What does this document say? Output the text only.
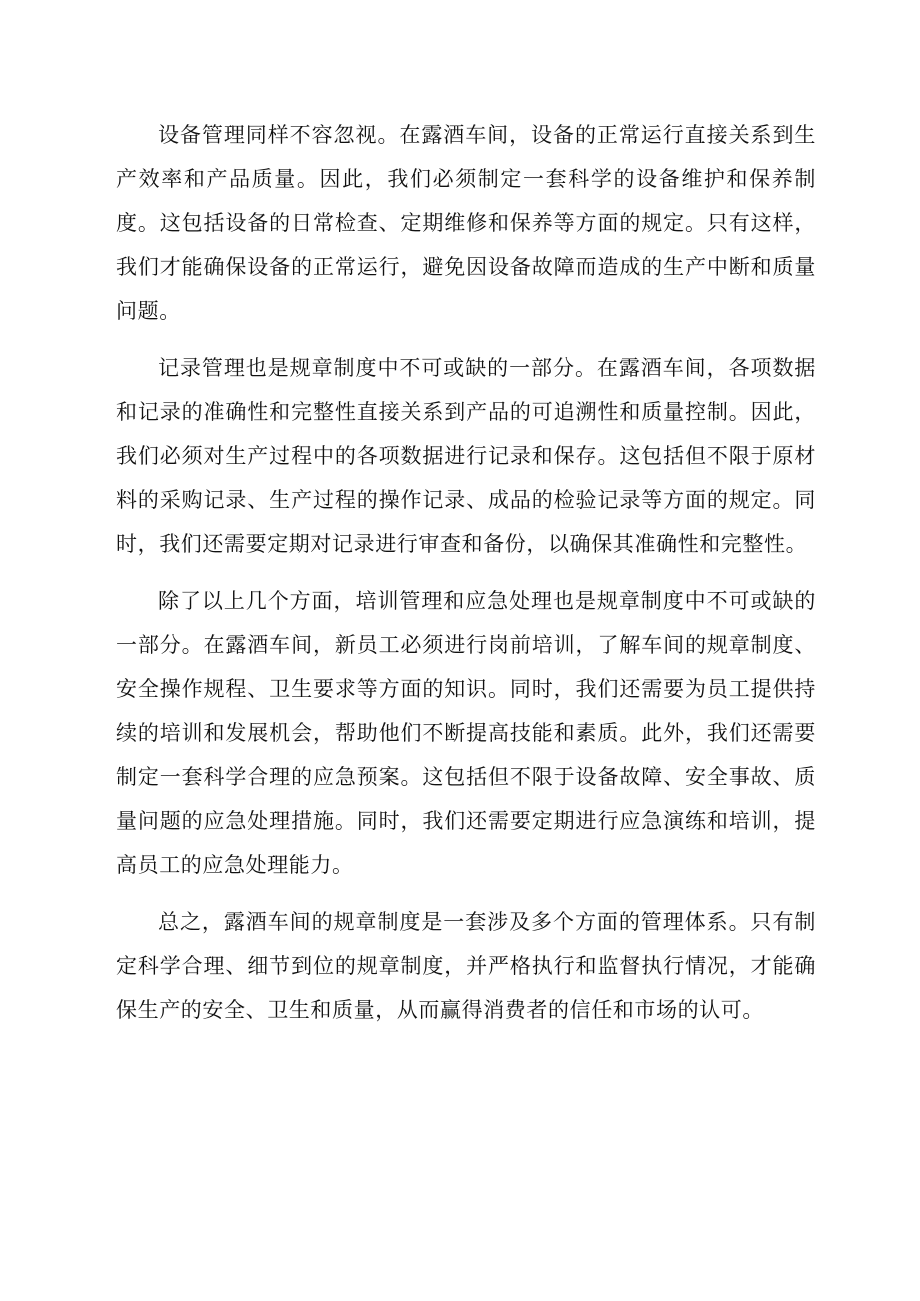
设备管理同样不容忽视。在露酒车间，设备的正常运行直接关系到生产效率和产品质量。因此，我们必须制定一套科学的设备维护和保养制度。这包括设备的日常检查、定期维修和保养等方面的规定。只有这样，我们才能确保设备的正常运行，避免因设备故障而造成的生产中断和质量问题。

记录管理也是规章制度中不可或缺的一部分。在露酒车间，各项数据和记录的准确性和完整性直接关系到产品的可追溯性和质量控制。因此，我们必须对生产过程中的各项数据进行记录和保存。这包括但不限于原材料的采购记录、生产过程的操作记录、成品的检验记录等方面的规定。同时，我们还需要定期对记录进行审查和备份，以确保其准确性和完整性。

除了以上几个方面，培训管理和应急处理也是规章制度中不可或缺的一部分。在露酒车间，新员工必须进行岗前培训，了解车间的规章制度、安全操作规程、卫生要求等方面的知识。同时，我们还需要为员工提供持续的培训和发展机会，帮助他们不断提高技能和素质。此外，我们还需要制定一套科学合理的应急预案。这包括但不限于设备故障、安全事故、质量问题的应急处理措施。同时，我们还需要定期进行应急演练和培训，提高员工的应急处理能力。

总之，露酒车间的规章制度是一套涉及多个方面的管理体系。只有制定科学合理、细节到位的规章制度，并严格执行和监督执行情况，才能确保生产的安全、卫生和质量，从而赢得消费者的信任和市场的认可。
